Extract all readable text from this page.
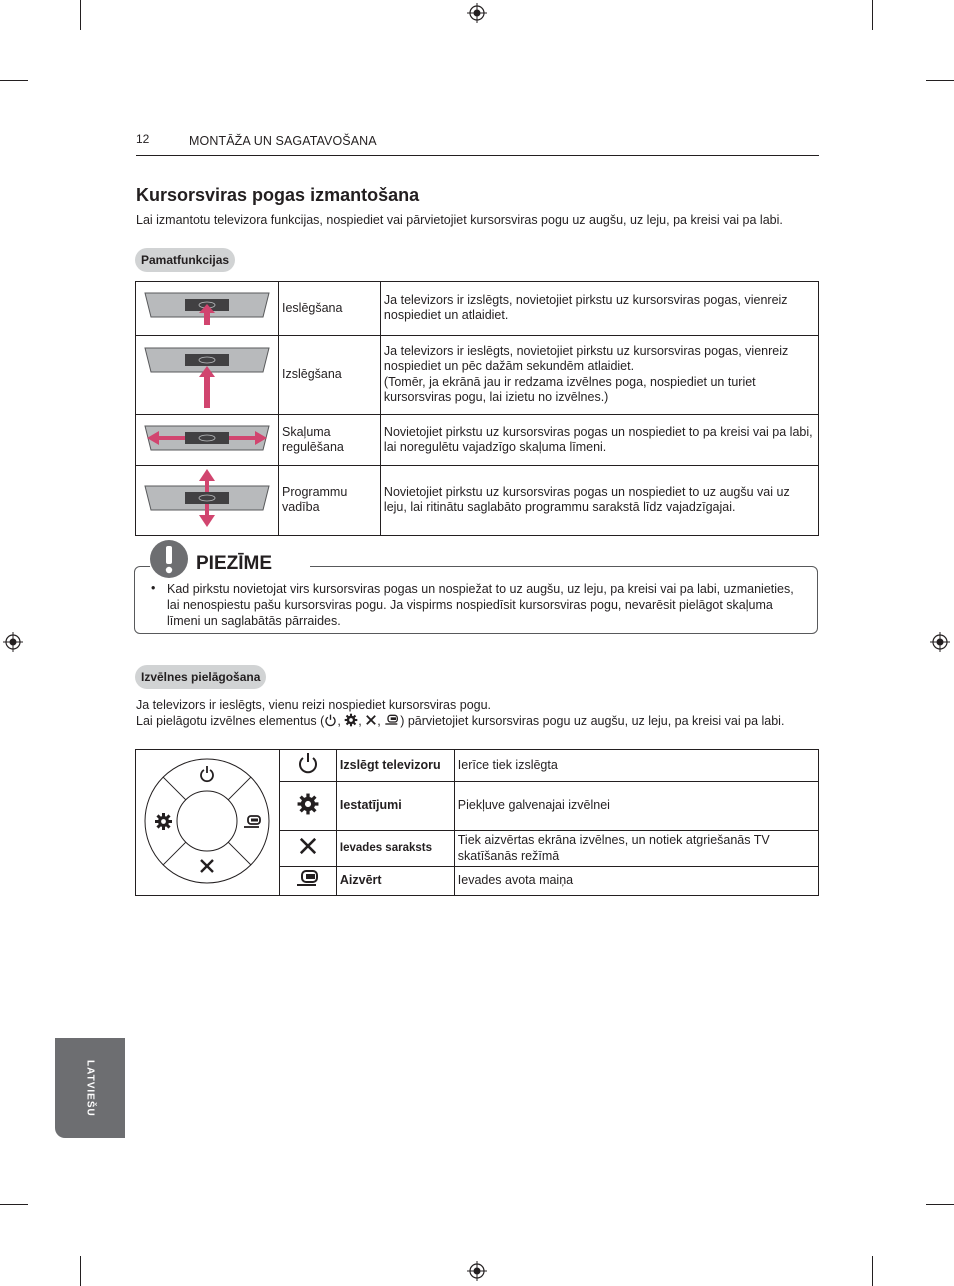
12	MONTĀŽA UN SAGATAVOŠANA
Kursorsviras pogas izmantošana
Lai izmantotu televizora funkcijas, nospiediet vai pārvietojiet kursorsviras pogu uz augšu, uz leju, pa kreisi vai pa labi.
Pamatfunkcijas
	Ieslēgšana	Ja televizors ir izslēgts, novietojiet pirkstu uz kursorsviras pogas, vienreiz nospiediet un atlaidiet.
	Izslēgšana	Ja televizors ir ieslēgts, novietojiet pirkstu uz kursorsviras pogas, vienreiz nospiediet un pēc dažām sekundēm atlaidiet.
(Tomēr, ja ekrānā jau ir redzama izvēlnes poga, nospiediet un turiet kursorsviras pogu, lai izietu no izvēlnes.)
	Skaļuma
regulēšana	Novietojiet pirkstu uz kursorsviras pogas un nospiediet to pa kreisi vai pa labi, lai noregulētu vajadzīgo skaļuma līmeni.
	Programmu
vadība	Novietojiet pirkstu uz kursorsviras pogas un nospiediet to uz augšu vai uz leju, lai ritinātu saglabāto programmu sarakstā līdz vajadzīgajai.
PIEZĪME
• Kad pirkstu novietojat virs kursorsviras pogas un nospiežat to uz augšu, uz leju, pa kreisi vai pa labi, uzmanieties, lai nenospiestu pašu kursorsviras pogu. Ja vispirms nospiedīsit kursorsviras pogu, nevarēsit pielāgot skaļuma līmeni un saglabātās pārraides.
Izvēlnes pielāgošana
Ja televizors ir ieslēgts, vienu reizi nospiediet kursorsviras pogu.
Lai pielāgotu izvēlnes elementus ( , , , ) pārvietojiet kursorsviras pogu uz augšu, uz leju, pa kreisi vai pa labi.
		Izslēgt televizoru	Ierīce tiek izslēgta
	Iestatījumi	Piekļuve galvenajai izvēlnei
	Ievades saraksts	Tiek aizvērtas ekrāna izvēlnes, un notiek atgriešanās TV skatīšanās režīmā
	Aizvērt	Ievades avota maiņa
LATVIEŠU
